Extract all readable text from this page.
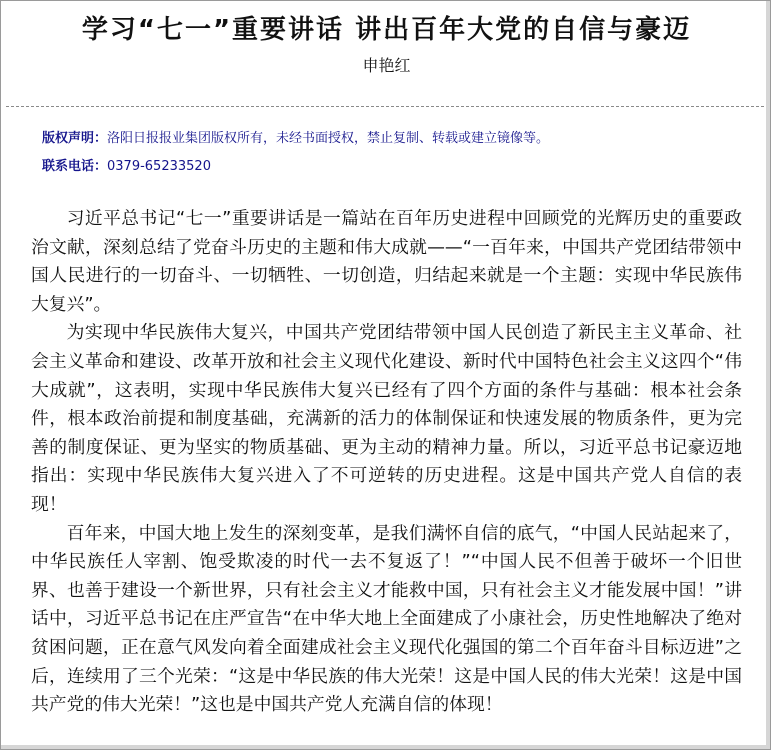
学习“七一”重要讲话 讲出百年大党的自信与豪迈
申艳红
版权声明：洛阳日报报业集团版权所有，未经书面授权，禁止复制、转载或建立镜像等。
联系电话：0379-65233520

习近平总书记“七一”重要讲话是一篇站在百年历史进程中回顾党的光辉历史的重要政治文献，深刻总结了党奋斗历史的主题和伟大成就——“一百年来，中国共产党团结带领中国人民进行的一切奋斗、一切牺牲、一切创造，归结起来就是一个主题：实现中华民族伟大复兴”。

为实现中华民族伟大复兴，中国共产党团结带领中国人民创造了新民主主义革命、社会主义革命和建设、改革开放和社会主义现代化建设、新时代中国特色社会主义这四个“伟大成就”，这表明，实现中华民族伟大复兴已经有了四个方面的条件与基础：根本社会条件，根本政治前提和制度基础，充满新的活力的体制保证和快速发展的物质条件，更为完善的制度保证、更为坚实的物质基础、更为主动的精神力量。所以，习近平总书记豪迈地指出：实现中华民族伟大复兴进入了不可逆转的历史进程。这是中国共产党人自信的表现！

百年来，中国大地上发生的深刻变革，是我们满怀自信的底气，“中国人民站起来了，中华民族任人宰割、饱受欺凌的时代一去不复返了！”“中国人民不但善于破坏一个旧世界、也善于建设一个新世界，只有社会主义才能救中国，只有社会主义才能发展中国！”讲话中，习近平总书记在庄严宣告“在中华大地上全面建成了小康社会，历史性地解决了绝对贫困问题，正在意气风发向着全面建成社会主义现代化强国的第二个百年奋斗目标迈进”之后，连续用了三个光荣：“这是中华民族的伟大光荣！这是中国人民的伟大光荣！这是中国共产党的伟大光荣！”这也是中国共产党人充满自信的体现！
